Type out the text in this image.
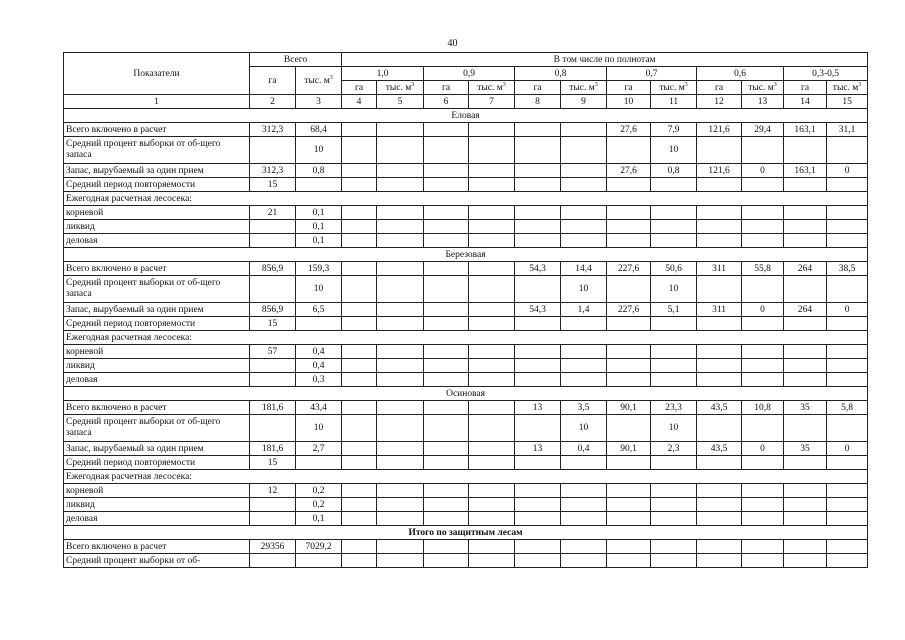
40
Показатели	Всего		В том числе по полнотам											
	га	тыс. $м^3$	1,0		0,9		0,8		0,7		0,6		0,3-0,5	
			га	тыс. $м^3$	га	тыс. $м^3$	га	тыс. $м^3$	га	тыс. $м^3$	га	тыс. $м^3$	га	тыс. $м^3$
1	2	3	4	5	6	7	8	9	10	11	12	13	14	15
Еловая														
Всего включено в расчет	312,3	68,4							27,6	7,9	121,6	29,4	163,1	31,1
Средний процент выборки от об-щего запаса		10								10				
Запас, вырубаемый за один прием	312,3	0,8							27,6	0,8	121,6	0	163,1	0
Средний период повторяемости	15													
Ежегодная расчетная лесосека:														
корневой	21	0,1												
ликвид		0,1												
деловая		0,1												
Березовая														
Всего включено в расчет	856,9	159,3					54,3	14,4	227,6	50,6	311	55,8	264	38,5
Средний процент выборки от об-щего запаса		10						10		10				
Запас, вырубаемый за один прием	856,9	6,5					54,3	1,4	227,6	5,1	311	0	264	0
Средний период повторяемости	15													
Ежегодная расчетная лесосека:														
корневой	57	0,4												
ликвид		0,4												
деловая		0,3												
Осиновая														
Всего включено в расчет	181,6	43,4					13	3,5	90,1	23,3	43,5	10,8	35	5,8
Средний процент выборки от об-щего запаса		10						10		10				
Запас, вырубаемый за один прием	181,6	2,7					13	0,4	90,1	2,3	43,5	0	35	0
Средний период повторяемости	15													
Ежегодная расчетная лесосека:														
корневой	12	0,2												
ликвид		0,2												
деловая		0,1												
Итого по защитным лесам														
Всего включено в расчет	29356	7029,2												
Средний процент выборки от об-														
